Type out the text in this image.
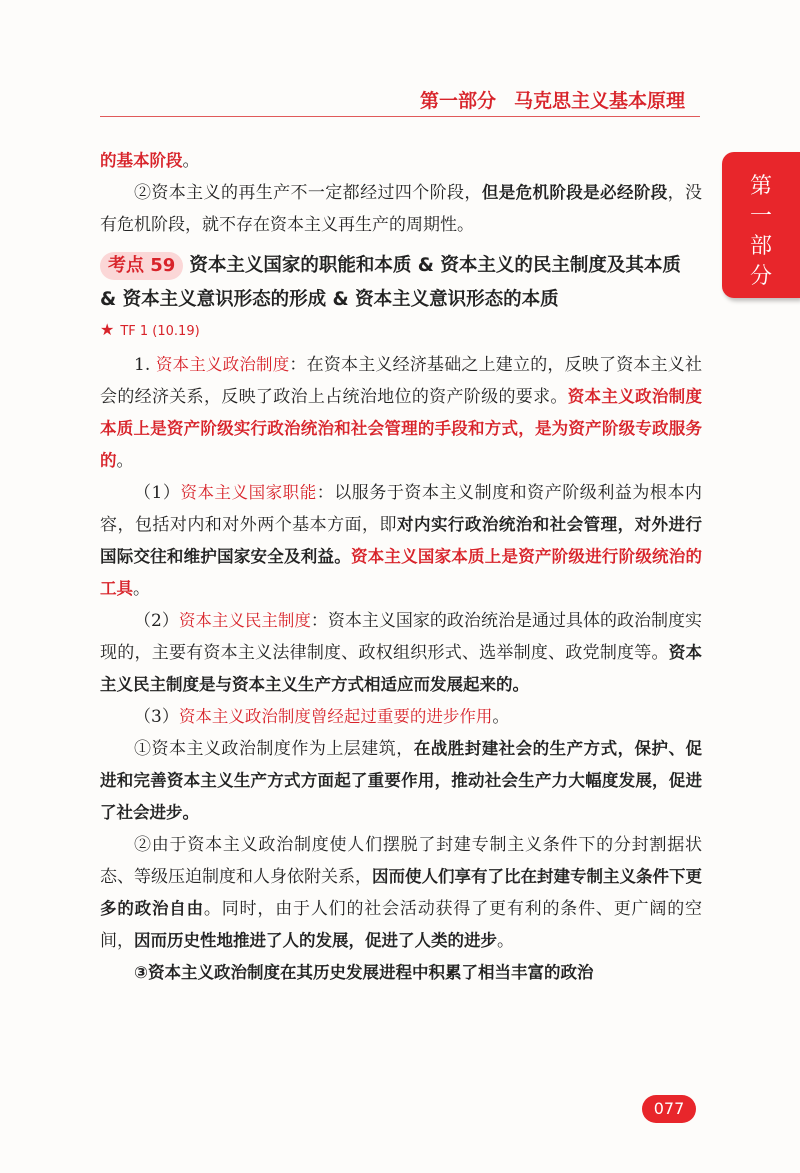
第一部分 马克思主义基本原理
第
一
部
分

的基本阶段。

②资本主义的再生产不一定都经过四个阶段，但是危机阶段是必经阶段，没有危机阶段，就不存在资本主义再生产的周期性。

考点 59 资本主义国家的职能和本质 & 资本主义的民主制度及其本质 & 资本主义意识形态的形成 & 资本主义意识形态的本质
★ TF 1 (10.19)

1. 资本主义政治制度：在资本主义经济基础之上建立的，反映了资本主义社会的经济关系，反映了政治上占统治地位的资产阶级的要求。资本主义政治制度本质上是资产阶级实行政治统治和社会管理的手段和方式，是为资产阶级专政服务的。

（1）资本主义国家职能：以服务于资本主义制度和资产阶级利益为根本内容，包括对内和对外两个基本方面，即对内实行政治统治和社会管理，对外进行国际交往和维护国家安全及利益。资本主义国家本质上是资产阶级进行阶级统治的工具。

（2）资本主义民主制度：资本主义国家的政治统治是通过具体的政治制度实现的，主要有资本主义法律制度、政权组织形式、选举制度、政党制度等。资本主义民主制度是与资本主义生产方式相适应而发展起来的。

（3）资本主义政治制度曾经起过重要的进步作用。

①资本主义政治制度作为上层建筑，在战胜封建社会的生产方式，保护、促进和完善资本主义生产方式方面起了重要作用，推动社会生产力大幅度发展，促进了社会进步。

②由于资本主义政治制度使人们摆脱了封建专制主义条件下的分封割据状态、等级压迫制度和人身依附关系，因而使人们享有了比在封建专制主义条件下更多的政治自由。同时，由于人们的社会活动获得了更有利的条件、更广阔的空间，因而历史性地推进了人的发展，促进了人类的进步。

③资本主义政治制度在其历史发展进程中积累了相当丰富的政治

077
